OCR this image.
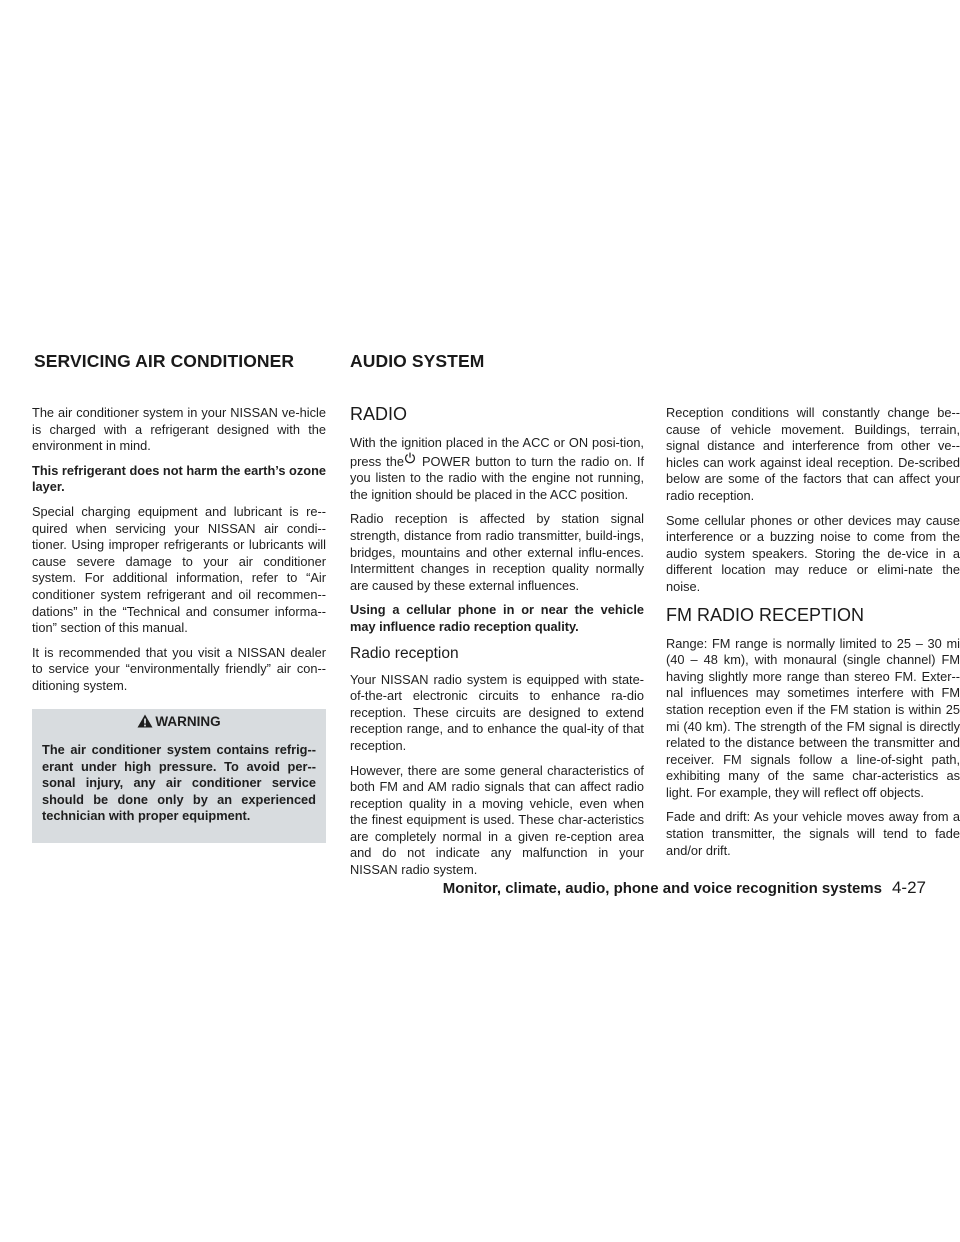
SERVICING AIR CONDITIONER	AUDIO SYSTEM

The air conditioner system in your NISSAN ve-hicle is charged with a refrigerant designed with the environment in mind.

This refrigerant does not harm the earth’s ozone layer.

Special charging equipment and lubricant is re-quired when servicing your NISSAN air condi-tioner. Using improper refrigerants or lubricants will cause severe damage to your air conditioner system. For additional information, refer to “Air conditioner system refrigerant and oil recommen-dations” in the “Technical and consumer informa-tion” section of this manual.

It is recommended that you visit a NISSAN dealer to service your “environmentally friendly” air con-ditioning system.

WARNING

The air conditioner system contains refrig-erant under high pressure. To avoid per-sonal injury, any air conditioner service should be done only by an experienced technician with proper equipment.

RADIO

With the ignition placed in the ACC or ON posi-tion, press the POWER button to turn the radio on. If you listen to the radio with the engine not running, the ignition should be placed in the ACC position.

Radio reception is affected by station signal strength, distance from radio transmitter, build-ings, bridges, mountains and other external influ-ences. Intermittent changes in reception quality normally are caused by these external influences.

Using a cellular phone in or near the vehicle may influence radio reception quality.

Radio reception

Your NISSAN radio system is equipped with state-of-the-art electronic circuits to enhance ra-dio reception. These circuits are designed to extend reception range, and to enhance the qual-ity of that reception.

However, there are some general characteristics of both FM and AM radio signals that can affect radio reception quality in a moving vehicle, even when the finest equipment is used. These char-acteristics are completely normal in a given re-ception area and do not indicate any malfunction in your NISSAN radio system.

Reception conditions will constantly change be-cause of vehicle movement. Buildings, terrain, signal distance and interference from other ve-hicles can work against ideal reception. De-scribed below are some of the factors that can affect your radio reception.

Some cellular phones or other devices may cause interference or a buzzing noise to come from the audio system speakers. Storing the de-vice in a different location may reduce or elimi-nate the noise.

FM RADIO RECEPTION

Range: FM range is normally limited to 25 – 30 mi (40 – 48 km), with monaural (single channel) FM having slightly more range than stereo FM. Exter-nal influences may sometimes interfere with FM station reception even if the FM station is within 25 mi (40 km). The strength of the FM signal is directly related to the distance between the transmitter and receiver. FM signals follow a line-of-sight path, exhibiting many of the same char-acteristics as light. For example, they will reflect off objects.

Fade and drift: As your vehicle moves away from a station transmitter, the signals will tend to fade and/or drift.

Monitor, climate, audio, phone and voice recognition systems 4-27
